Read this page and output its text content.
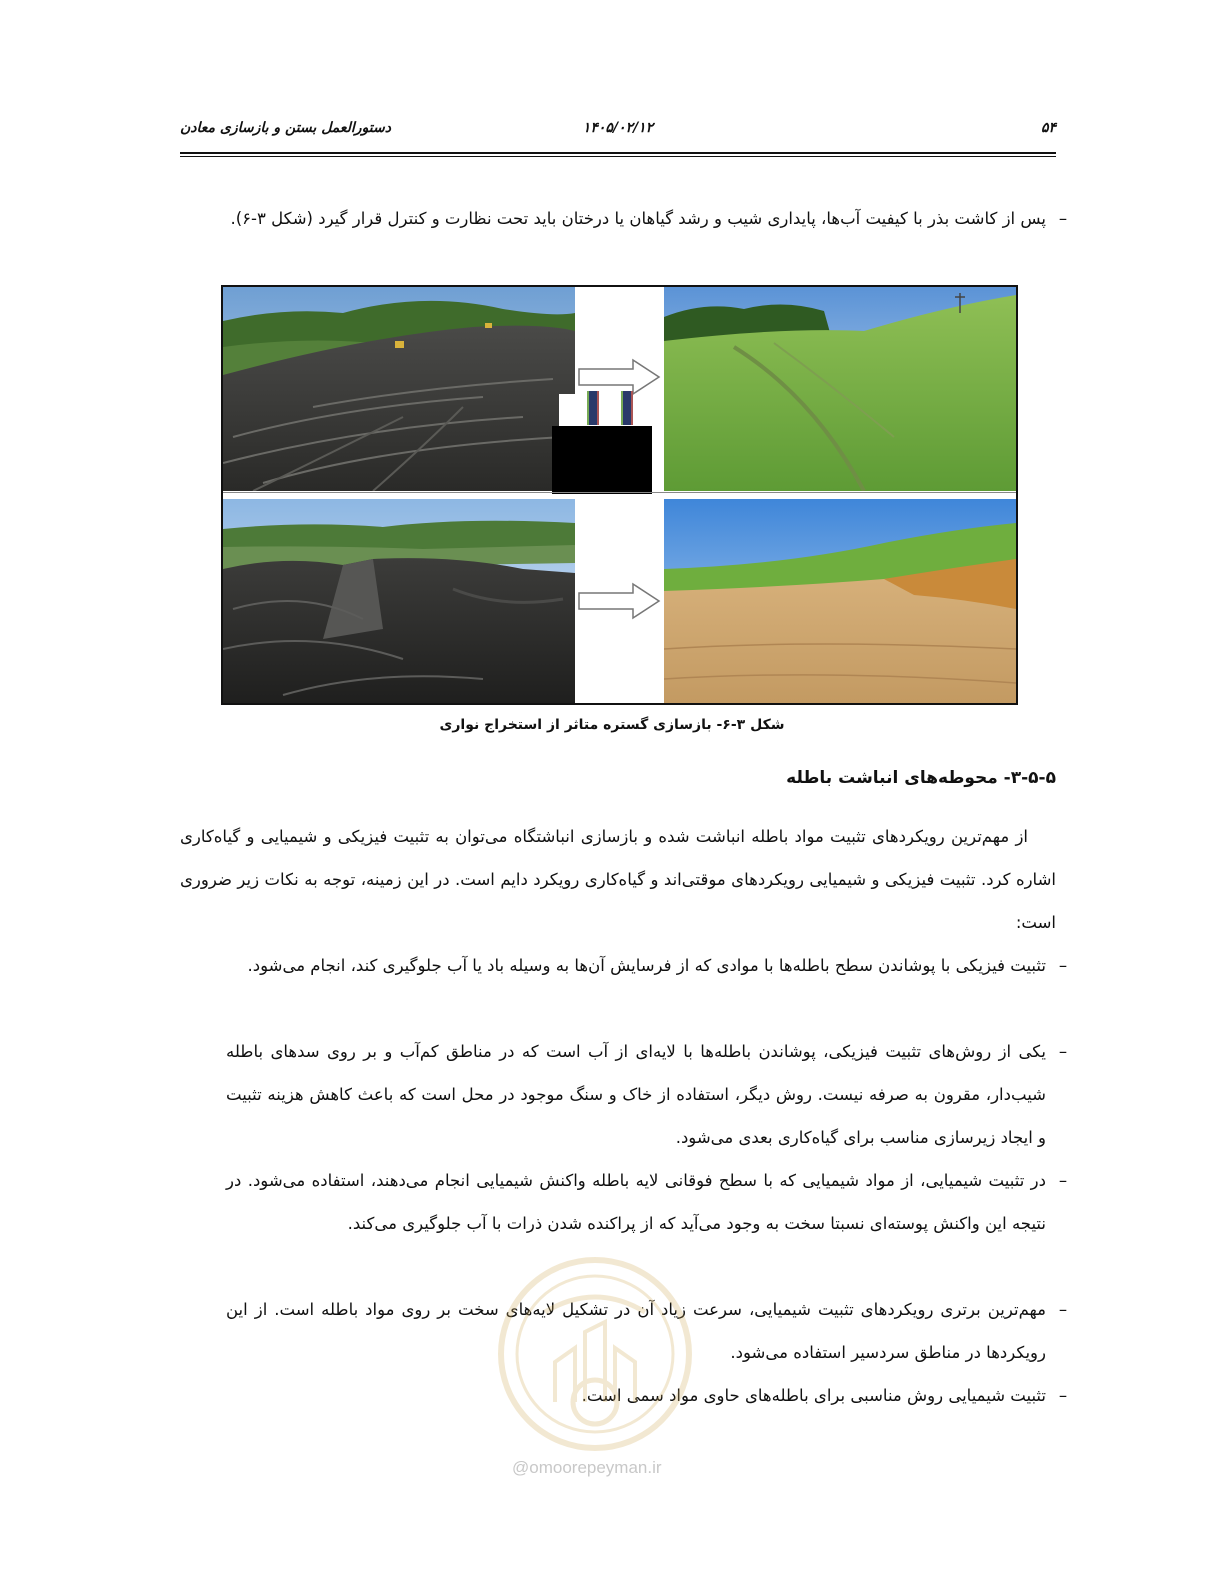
۵۴
۱۴۰۵/۰۲/۱۲
دستورالعمل بستن و بازسازی معادن
–
پس از کاشت بذر با کیفیت آب‌ها، پایداری شیب و رشد گیاهان یا درختان باید تحت نظارت و کنترل قرار گیرد (شکل ۳-۶).
شکل ۳-۶- بازسازی گستره متاثر از استخراج نواری
۳-۵-۵- محوطه‌های انباشت باطله
از مهم‌ترین رویکردهای تثبیت مواد باطله انباشت شده و بازسازی انباشتگاه می‌توان به تثبیت فیزیکی و شیمیایی و گیاه‌کاری اشاره کرد. تثبیت فیزیکی و شیمیایی رویکردهای موقتی‌اند و گیاه‌کاری رویکرد دایم است. در این زمینه، توجه به نکات زیر ضروری است:
–
تثبیت فیزیکی با پوشاندن سطح باطله‌ها با موادی که از فرسایش آن‌ها به وسیله باد یا آب جلوگیری کند، انجام می‌شود.
–
یکی از روش‌های تثبیت فیزیکی، پوشاندن باطله‌ها با لایه‌ای از آب است که در مناطق کم‌آب و بر روی سدهای باطله شیب‌دار، مقرون به صرفه نیست. روش دیگر، استفاده از خاک و سنگ موجود در محل است که باعث کاهش هزینه تثبیت و ایجاد زیرسازی مناسب برای گیاه‌کاری بعدی می‌شود.
–
در تثبیت شیمیایی، از مواد شیمیایی که با سطح فوقانی لایه باطله واکنش شیمیایی انجام می‌دهند، استفاده می‌شود. در نتیجه این واکنش پوسته‌ای نسبتا سخت به وجود می‌آید که از پراکنده شدن ذرات با آب جلوگیری می‌کند.
–
مهم‌ترین برتری رویکردهای تثبیت شیمیایی، سرعت زیاد آن در تشکیل لایه‌های سخت بر روی مواد باطله است. از این رویکردها در مناطق سردسیر استفاده می‌شود.
–
تثبیت شیمیایی روش مناسبی برای باطله‌های حاوی مواد سمی است.
@omoorepeyman.ir
